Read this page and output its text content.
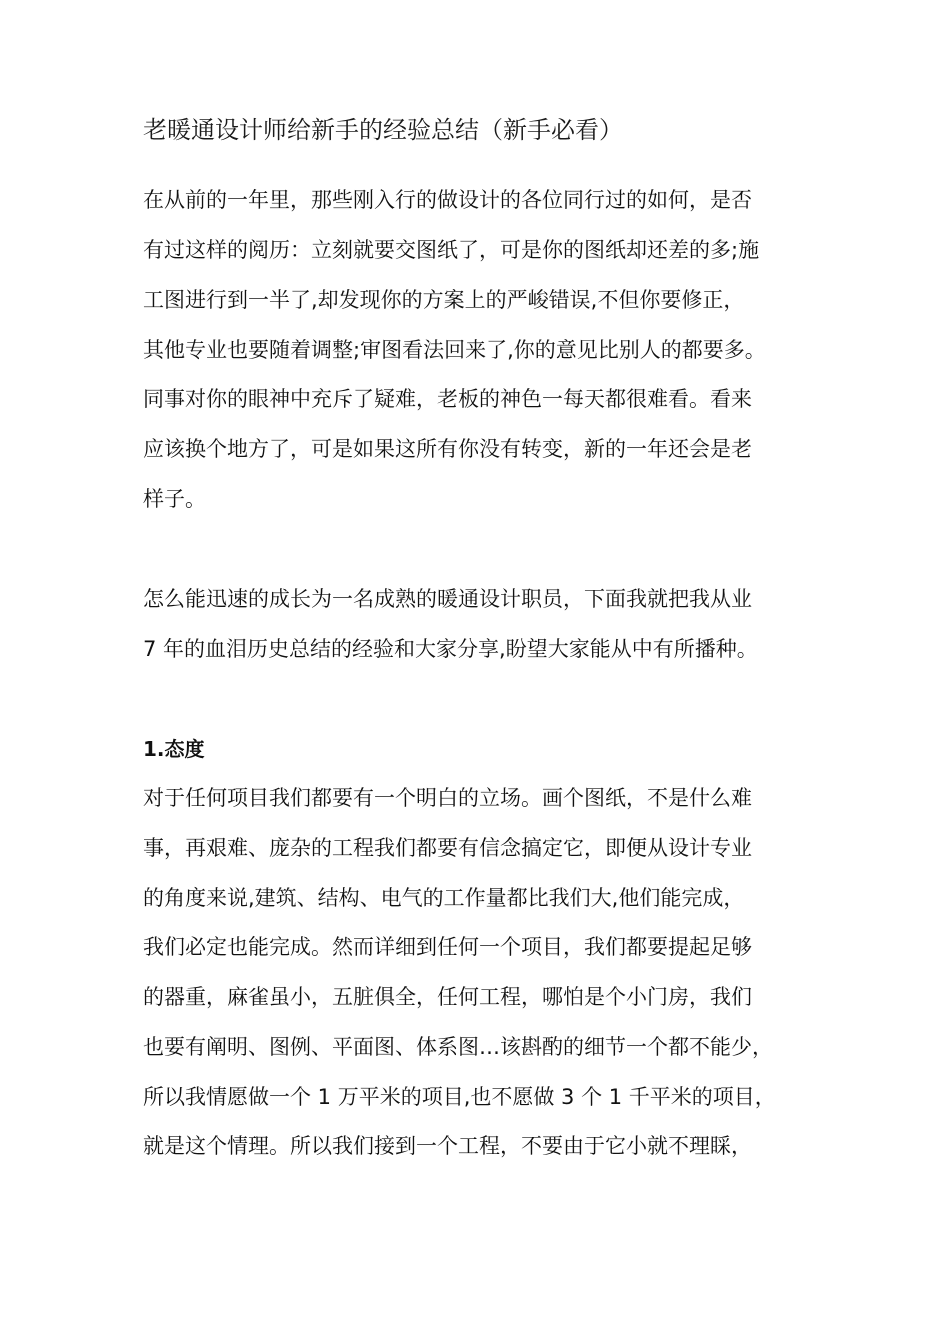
老暖通设计师给新手的经验总结（新手必看）
在从前的一年里，那些刚入行的做设计的各位同行过的如何，是否
有过这样的阅历：立刻就要交图纸了，可是你的图纸却还差的多;施
工图进行到一半了,却发现你的方案上的严峻错误,不但你要修正，
其他专业也要随着调整;审图看法回来了,你的意见比别人的都要多。
同事对你的眼神中充斥了疑难，老板的神色一每天都很难看。看来
应该换个地方了，可是如果这所有你没有转变，新的一年还会是老
样子。
怎么能迅速的成长为一名成熟的暖通设计职员，下面我就把我从业
7 年的血泪历史总结的经验和大家分享,盼望大家能从中有所播种。
1.态度
对于任何项目我们都要有一个明白的立场。画个图纸，不是什么难
事，再艰难、庞杂的工程我们都要有信念搞定它，即便从设计专业
的角度来说,建筑、结构、电气的工作量都比我们大,他们能完成，
我们必定也能完成。然而详细到任何一个项目，我们都要提起足够
的器重，麻雀虽小，五脏俱全，任何工程，哪怕是个小门房，我们
也要有阐明、图例、平面图、体系图…该斟酌的细节一个都不能少，
所以我情愿做一个 1 万平米的项目,也不愿做 3 个 1 千平米的项目，
就是这个情理。所以我们接到一个工程，不要由于它小就不理睬，
